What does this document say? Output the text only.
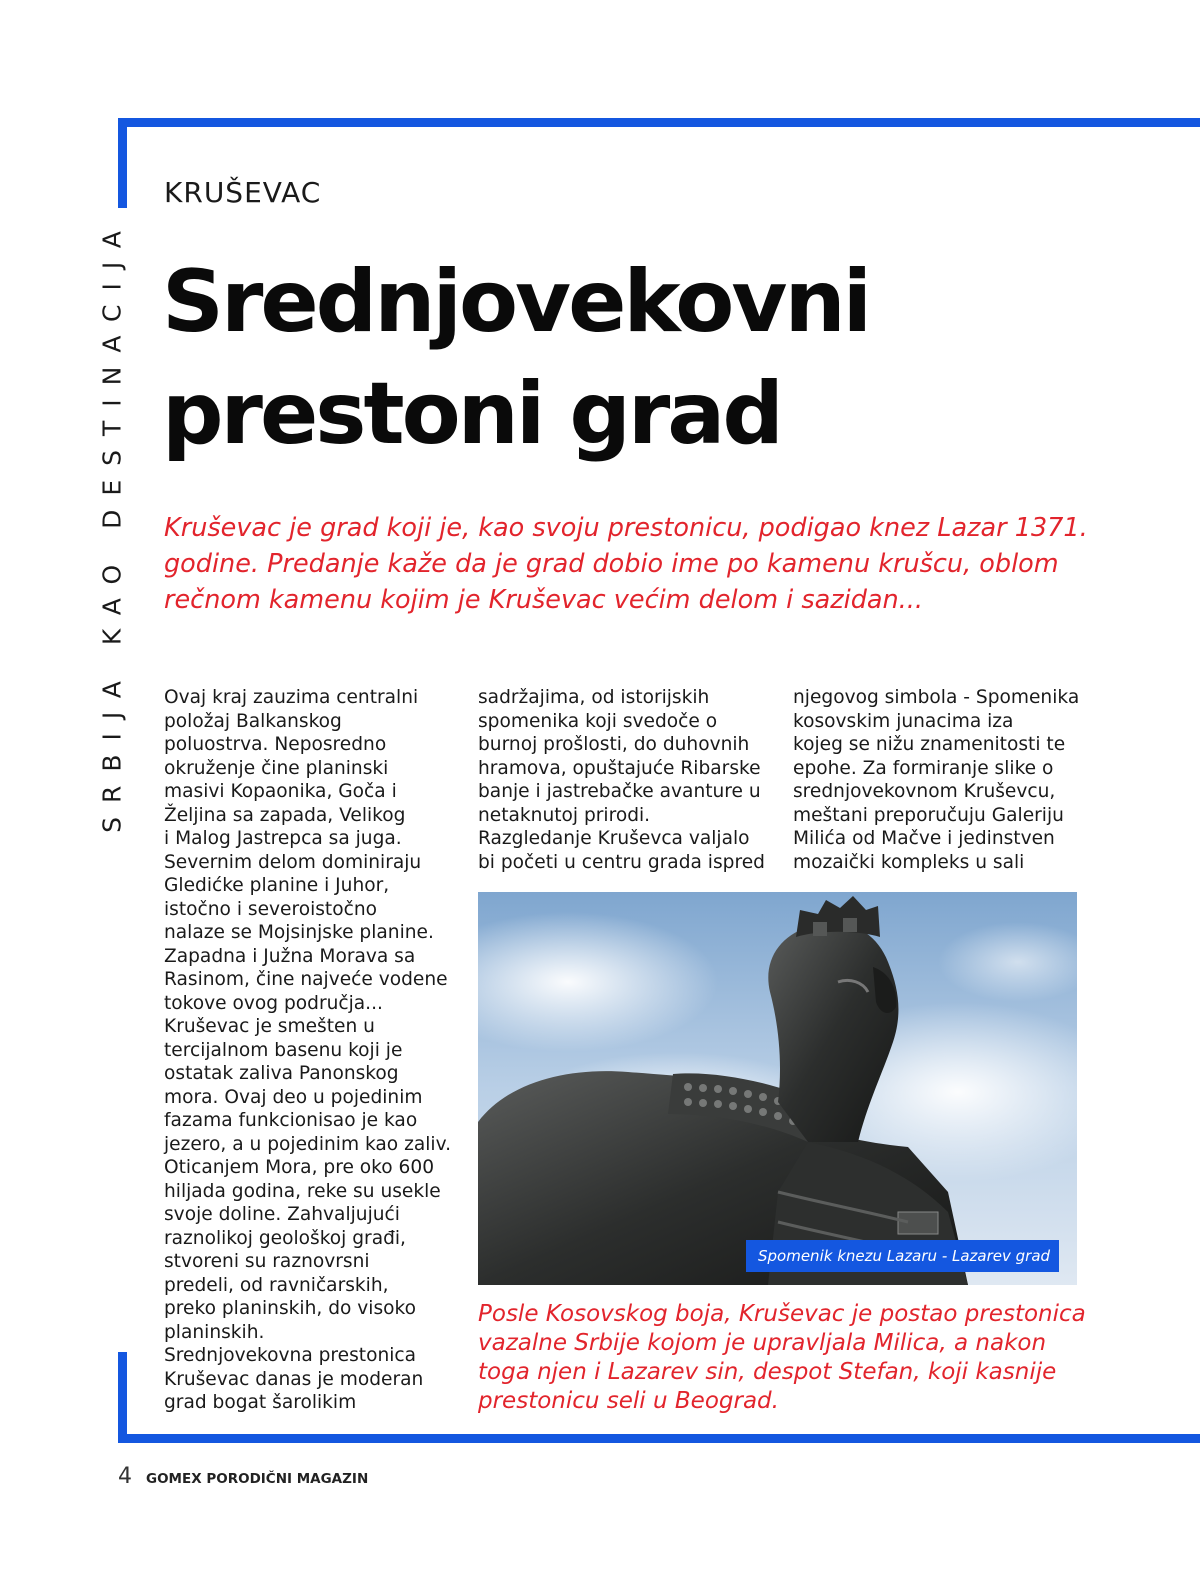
SRBIJA KAO DESTINACIJA
KRUŠEVAC
Srednjovekovni
prestoni grad

Kruševac je grad koji je, kao svoju prestonicu, podigao knez Lazar 1371. godine. Predanje kaže da je grad dobio ime po kamenu krušcu, oblom rečnom kamenu kojim je Kruševac većim delom i sazidan...

Ovaj kraj zauzima centralni
položaj Balkanskog
poluostrva. Neposredno
okruženje čine planinski
masivi Kopaonika, Goča i
Željina sa zapada, Velikog
i Malog Jastrepca sa juga.
Severnim delom dominiraju
Gledićke planine i Juhor,
istočno i severoistočno
nalaze se Mojsinjske planine.
Zapadna i Južna Morava sa
Rasinom, čine najveće vodene
tokove ovog područja...
Kruševac je smešten u
tercijalnom basenu koji je
ostatak zaliva Panonskog
mora. Ovaj deo u pojedinim
fazama funkcionisao je kao
jezero, a u pojedinim kao zaliv.
Oticanjem Mora, pre oko 600
hiljada godina, reke su usekle
svoje doline. Zahvaljujući
raznolikoj geološkoj građi,
stvoreni su raznovrsni
predeli, od ravničarskih,
preko planinskih, do visoko
planinskih.
Srednjovekovna prestonica
Kruševac danas je moderan
grad bogat šarolikim
sadržajima, od istorijskih
spomenika koji svedoče o
burnoj prošlosti, do duhovnih
hramova, opuštajuće Ribarske
banje i jastrebačke avanture u
netaknutoj prirodi.
Razgledanje Kruševca valjalo
bi početi u centru grada ispred
njegovog simbola - Spomenika
kosovskim junacima iza
kojeg se nižu znamenitosti te
epohe. Za formiranje slike o
srednjovekovnom Kruševcu,
meštani preporučuju Galeriju
Milića od Mačve i jedinstven
mozaički kompleks u sali
Spomenik knezu Lazaru - Lazarev grad

Posle Kosovskog boja, Kruševac je postao prestonica vazalne Srbije kojom je upravljala Milica, a nakon toga njen i Lazarev sin, despot Stefan, koji kasnije prestonicu seli u Beograd.

4 GOMEX PORODIČNI MAGAZIN
